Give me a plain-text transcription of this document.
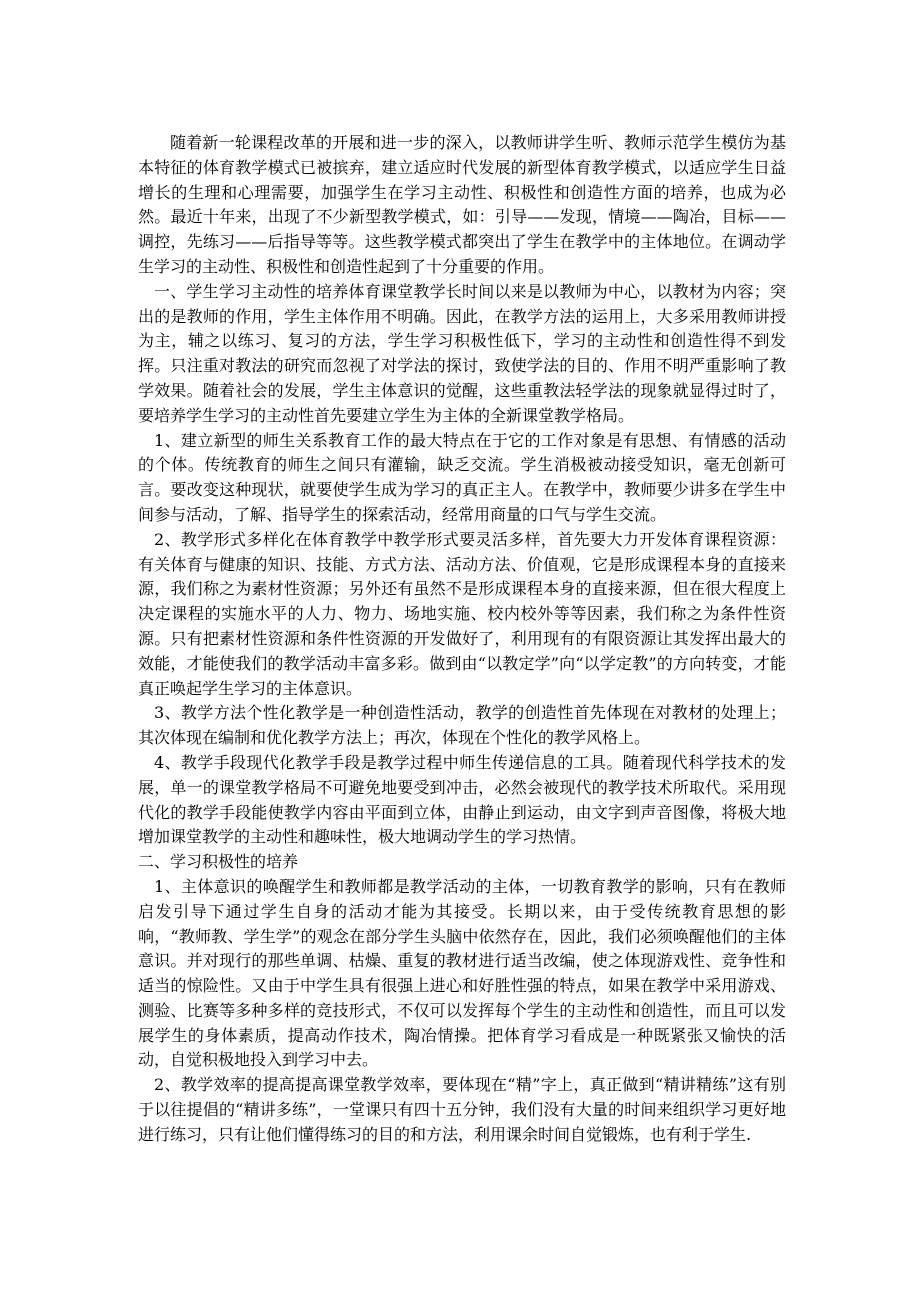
随着新一轮课程改革的开展和进一步的深入，以教师讲学生听、教师示范学生模仿为基本特征的体育教学模式已被摈弃，建立适应时代发展的新型体育教学模式，以适应学生日益增长的生理和心理需要，加强学生在学习主动性、积极性和创造性方面的培养，也成为必然。最近十年来，出现了不少新型教学模式，如：引导——发现，情境——陶冶，目标——调控，先练习——后指导等等。这些教学模式都突出了学生在教学中的主体地位。在调动学生学习的主动性、积极性和创造性起到了十分重要的作用。

一、学生学习主动性的培养体育课堂教学长时间以来是以教师为中心，以教材为内容；突出的是教师的作用，学生主体作用不明确。因此，在教学方法的运用上，大多采用教师讲授为主，辅之以练习、复习的方法，学生学习积极性低下，学习的主动性和创造性得不到发挥。只注重对教法的研究而忽视了对学法的探讨，致使学法的目的、作用不明严重影响了教学效果。随着社会的发展，学生主体意识的觉醒，这些重教法轻学法的现象就显得过时了，要培养学生学习的主动性首先要建立学生为主体的全新课堂教学格局。

1、建立新型的师生关系教育工作的最大特点在于它的工作对象是有思想、有情感的活动的个体。传统教育的师生之间只有灌输，缺乏交流。学生消极被动接受知识，毫无创新可言。要改变这种现状，就要使学生成为学习的真正主人。在教学中，教师要少讲多在学生中间参与活动，了解、指导学生的探索活动，经常用商量的口气与学生交流。

2、教学形式多样化在体育教学中教学形式要灵活多样，首先要大力开发体育课程资源：有关体育与健康的知识、技能、方式方法、活动方法、价值观，它是形成课程本身的直接来源，我们称之为素材性资源；另外还有虽然不是形成课程本身的直接来源，但在很大程度上决定课程的实施水平的人力、物力、场地实施、校内校外等等因素，我们称之为条件性资源。只有把素材性资源和条件性资源的开发做好了，利用现有的有限资源让其发挥出最大的效能，才能使我们的教学活动丰富多彩。做到由“以教定学”向“以学定教”的方向转变，才能真正唤起学生学习的主体意识。

3、教学方法个性化教学是一种创造性活动，教学的创造性首先体现在对教材的处理上；其次体现在编制和优化教学方法上；再次，体现在个性化的教学风格上。

4、教学手段现代化教学手段是教学过程中师生传递信息的工具。随着现代科学技术的发展，单一的课堂教学格局不可避免地要受到冲击，必然会被现代的教学技术所取代。采用现代化的教学手段能使教学内容由平面到立体，由静止到运动，由文字到声音图像，将极大地增加课堂教学的主动性和趣味性，极大地调动学生的学习热情。

二、学习积极性的培养

1、主体意识的唤醒学生和教师都是教学活动的主体，一切教育教学的影响，只有在教师启发引导下通过学生自身的活动才能为其接受。长期以来，由于受传统教育思想的影响，“教师教、学生学”的观念在部分学生头脑中依然存在，因此，我们必须唤醒他们的主体意识。并对现行的那些单调、枯燥、重复的教材进行适当改编，使之体现游戏性、竞争性和适当的惊险性。又由于中学生具有很强上进心和好胜性强的特点，如果在教学中采用游戏、测验、比赛等多种多样的竞技形式，不仅可以发挥每个学生的主动性和创造性，而且可以发展学生的身体素质，提高动作技术，陶冶情操。把体育学习看成是一种既紧张又愉快的活动，自觉积极地投入到学习中去。

2、教学效率的提高提高课堂教学效率，要体现在“精”字上，真正做到“精讲精练”这有别于以往提倡的“精讲多练”，一堂课只有四十五分钟，我们没有大量的时间来组织学习更好地进行练习，只有让他们懂得练习的目的和方法，利用课余时间自觉锻炼，也有利于学生.
